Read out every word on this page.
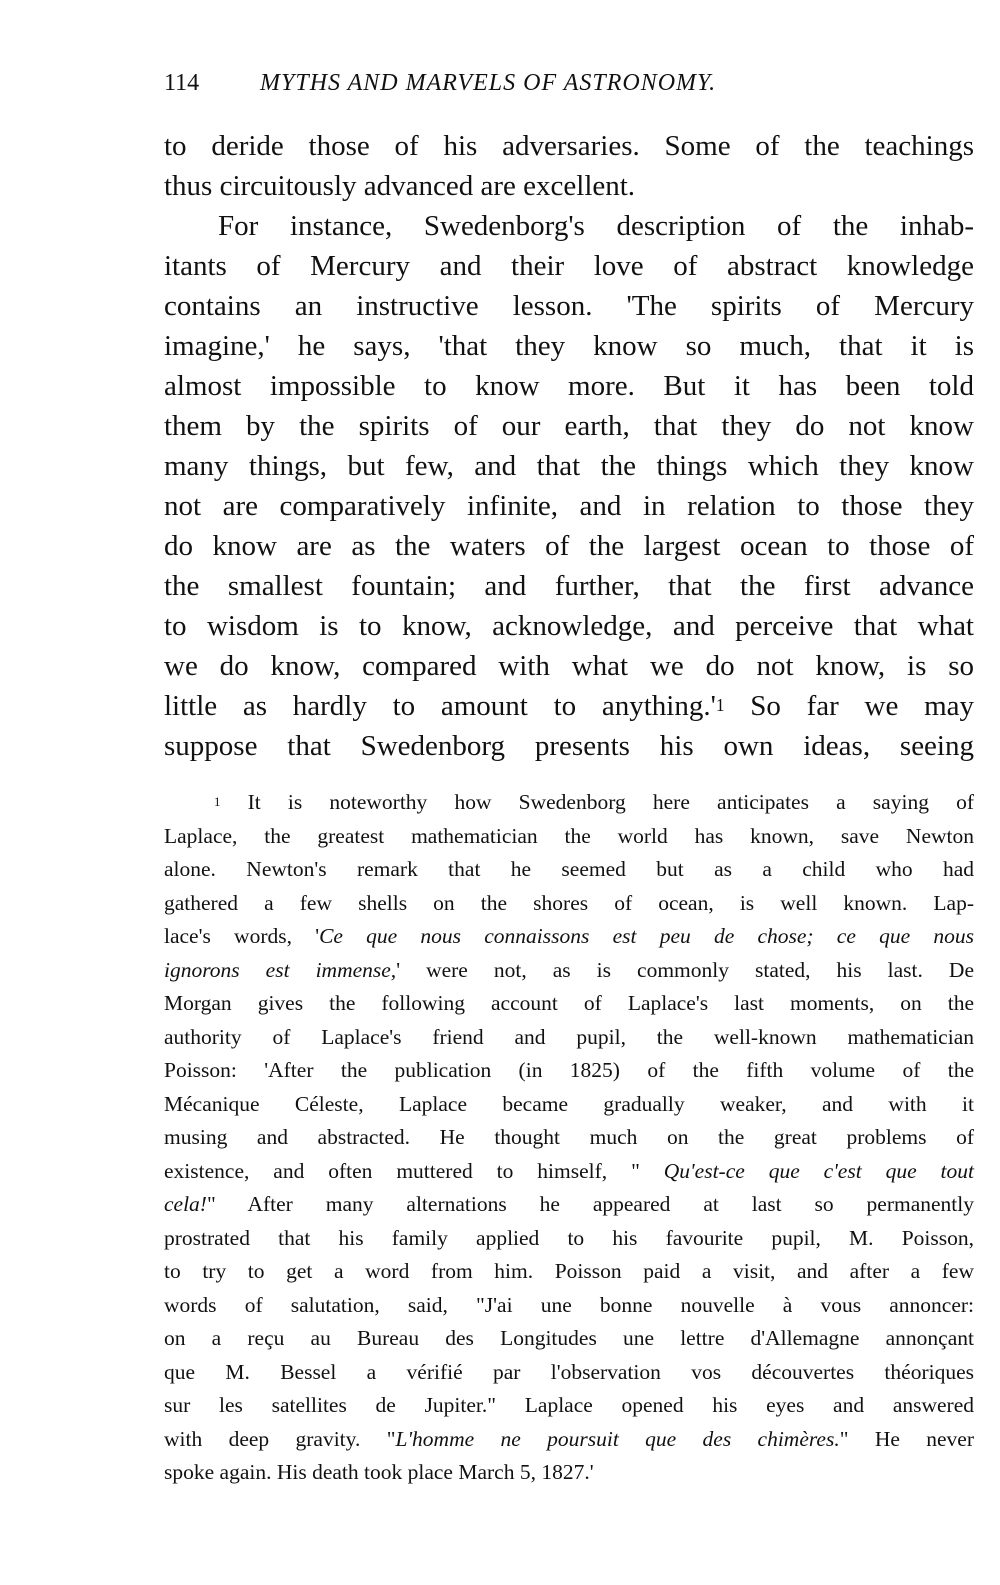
114	MYTHS AND MARVELS OF ASTRONOMY.
to deride those of his adversaries. Some of the teachings
thus circuitously advanced are excellent.
For instance, Swedenborg's description of the inhab-
itants of Mercury and their love of abstract knowledge
contains an instructive lesson. 'The spirits of Mercury
imagine,' he says, 'that they know so much, that it is
almost impossible to know more. But it has been told
them by the spirits of our earth, that they do not know
many things, but few, and that the things which they know
not are comparatively infinite, and in relation to those they
do know are as the waters of the largest ocean to those of
the smallest fountain; and further, that the first advance
to wisdom is to know, acknowledge, and perceive that what
we do know, compared with what we do not know, is so
little as hardly to amount to $anything.'^1$ So far we may
suppose that Swedenborg presents his own ideas, seeing
$^1$ It is noteworthy how Swedenborg here anticipates a saying of
Laplace, the greatest mathematician the world has known, save Newton
alone. Newton's remark that he seemed but as a child who had
gathered a few shells on the shores of ocean, is well known. Lap-
lace's words, 'Ce que nous connaissons est peu de chose; ce que nous
ignorons est immense,' were not, as is commonly stated, his last. De
Morgan gives the following account of Laplace's last moments, on the
authority of Laplace's friend and pupil, the well-known mathematician
Poisson: 'After the publication (in 1825) of the fifth volume of the
Mécanique Céleste, Laplace became gradually weaker, and with it
musing and abstracted. He thought much on the great problems of
existence, and often muttered to himself, " Qu'est-ce que c'est que tout
cela!" After many alternations he appeared at last so permanently
prostrated that his family applied to his favourite pupil, M. Poisson,
to try to get a word from him. Poisson paid a visit, and after a few
words of salutation, said, "J'ai une bonne nouvelle à vous annoncer:
on a reçu au Bureau des Longitudes une lettre d'Allemagne annonçant
que M. Bessel a vérifié par l'observation vos découvertes théoriques
sur les satellites de Jupiter." Laplace opened his eyes and answered
with deep gravity. "L'homme ne poursuit que des chimères." He never
spoke again. His death took place March 5, 1827.'
